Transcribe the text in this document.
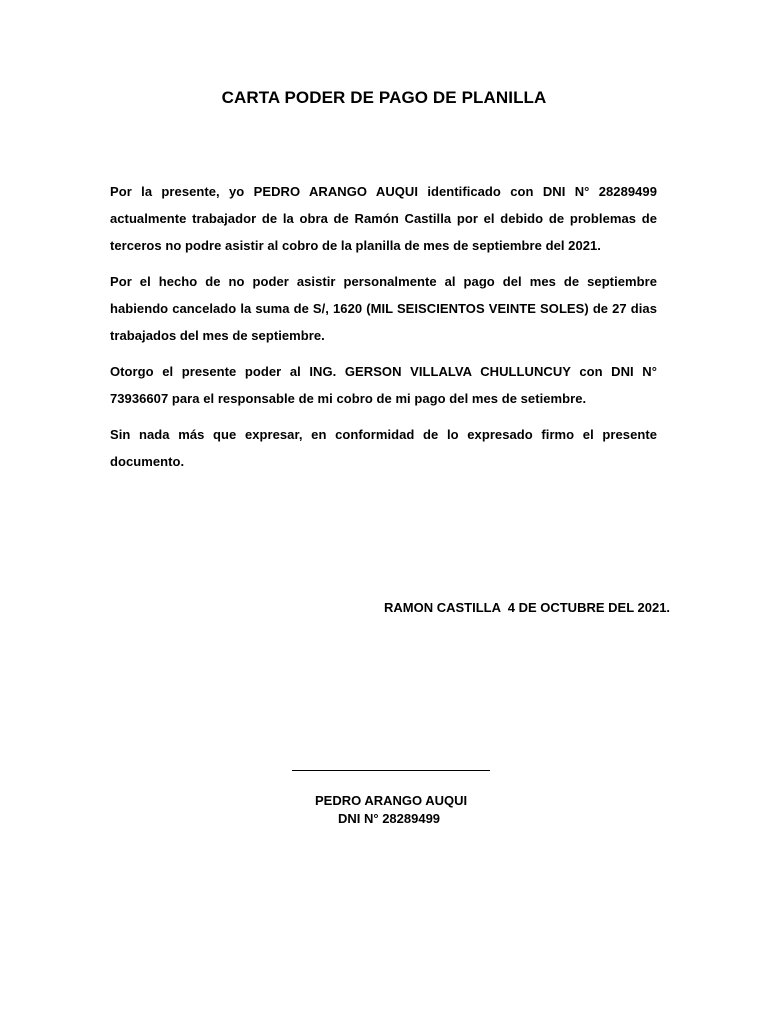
CARTA PODER DE PAGO DE PLANILLA
Por la presente, yo PEDRO ARANGO AUQUI identificado con DNI N° 28289499 actualmente trabajador de la obra de Ramón Castilla por el debido de problemas de terceros no podre asistir al cobro de la planilla de mes de septiembre del 2021.
Por el hecho de no poder asistir personalmente al pago del mes de septiembre habiendo cancelado la suma de S/, 1620 (MIL SEISCIENTOS VEINTE SOLES) de 27 dias trabajados del mes de septiembre.
Otorgo el presente poder al ING. GERSON VILLALVA CHULLUNCUY con DNI N° 73936607 para el responsable de mi cobro de mi pago del mes de setiembre.
Sin nada más que expresar, en conformidad de lo expresado firmo el presente documento.
RAMON CASTILLA  4 DE OCTUBRE DEL 2021.
PEDRO ARANGO AUQUI
DNI N° 28289499
